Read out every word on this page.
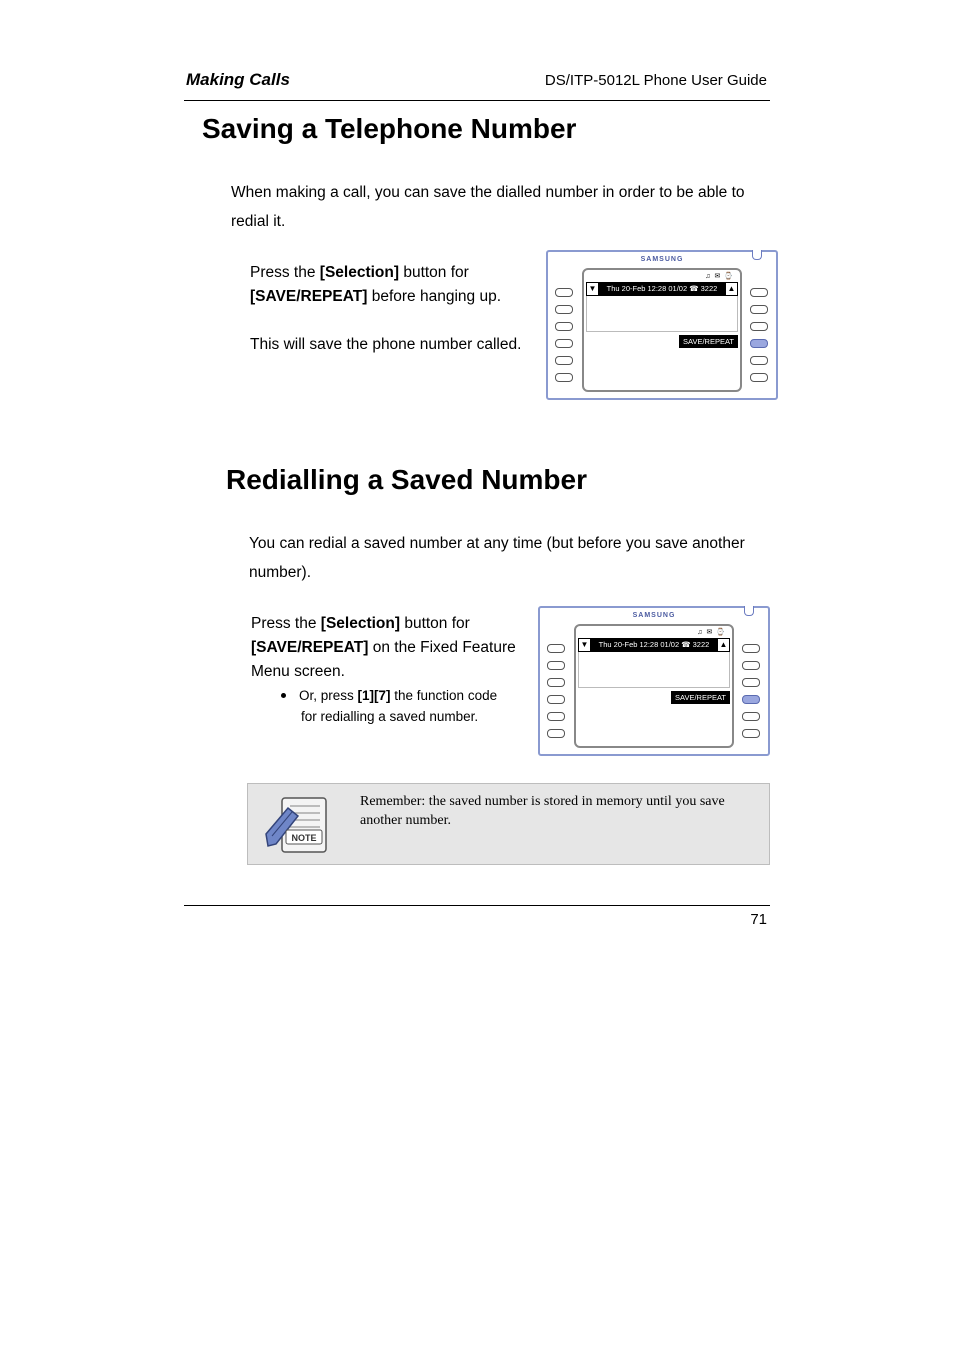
Making Calls	DS/ITP-5012L Phone User Guide
Saving a Telephone Number
When making a call, you can save the dialled number in order to be able to redial it.
Press the [Selection] button for
[SAVE/REPEAT] before hanging up.
This will save the phone number called.
SAMSUNG
♫ ✉ ⌚
▼	Thu 20-Feb 12:28 01/02 ☎ 3222	▲
SAVE/REPEAT
Redialling a Saved Number
You can redial a saved number at any time (but before you save another number).
Press the [Selection] button for
[SAVE/REPEAT] on the Fixed Feature Menu screen.
Or, press [1][7] the function code
for redialling a saved number.
SAMSUNG
♫ ✉ ⌚
▼	Thu 20-Feb 12:28 01/02 ☎ 3222	▲
SAVE/REPEAT
NOTE
Remember: the saved number is stored in memory until you save another number.
71
